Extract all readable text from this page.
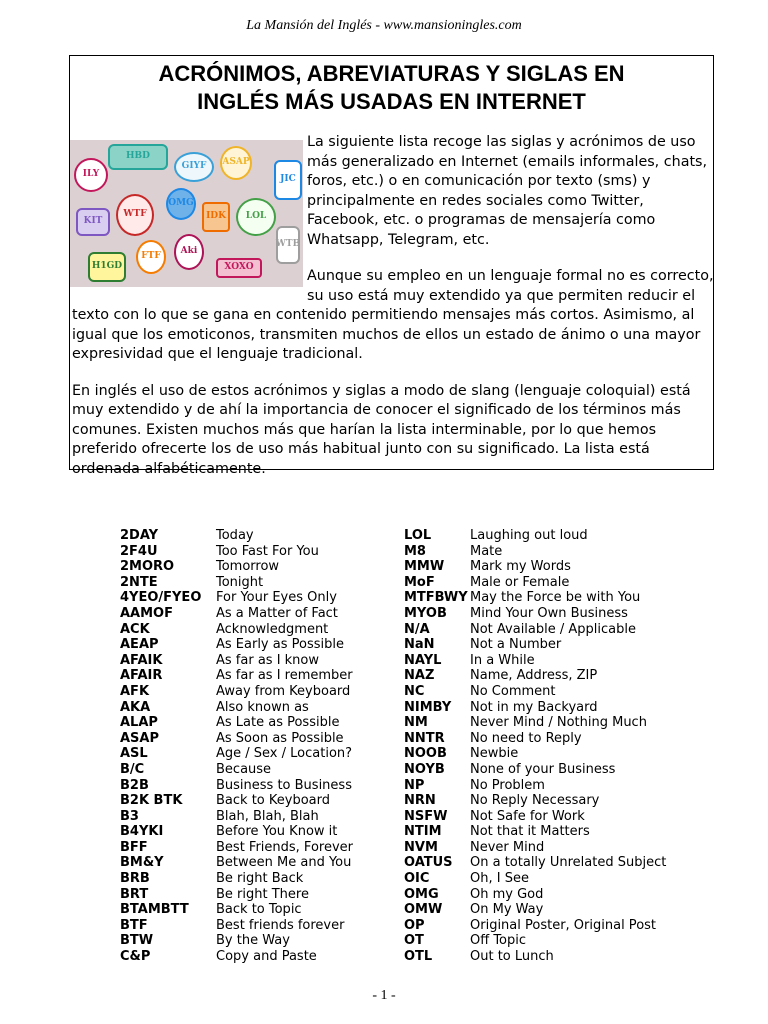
La Mansión del Inglés - www.mansioningles.com
ACRÓNIMOS, ABREVIATURAS Y SIGLAS EN
INGLÉS MÁS USADAS EN INTERNET
ILY
HBD
GIYF	ASAP
JIC
KIT
WTF
OMG
IDK	LOL
WTB
H1GD
FTF	Aki
XOXO

La siguiente lista recoge las siglas y acrónimos de uso más generalizado en Internet (emails informales, chats, foros, etc.) o en comunicación por texto (sms) y principalmente en redes sociales como Twitter, Facebook, etc. o programas de mensajería como Whatsapp, Telegram, etc.

Aunque su empleo en un lenguaje formal no es correcto, su uso está muy extendido ya que permiten reducir el texto con lo que se gana en contenido permitiendo mensajes más cortos. Asimismo, al igual que los emoticonos, transmiten muchos de ellos un estado de ánimo o una mayor expresividad que el lenguaje tradicional.

En inglés el uso de estos acrónimos y siglas a modo de slang (lenguaje coloquial) está muy extendido y de ahí la importancia de conocer el significado de los términos más comunes. Existen muchos más que harían la lista interminable, por lo que hemos preferido ofrecerte los de uso más habitual junto con su significado. La lista está ordenada alfabéticamente.

2DAY	Today
2F4U	Too Fast For You
2MORO	Tomorrow
2NTE	Tonight
4YEO/FYEO For Your Eyes Only
AAMOF	As a Matter of Fact
ACK	Acknowledgment
AEAP	As Early as Possible
AFAIK	As far as I know
AFAIR	As far as I remember
AFK	Away from Keyboard
AKA	Also known as
ALAP	As Late as Possible
ASAP	As Soon as Possible
ASL	Age / Sex / Location?
B/C	Because
B2B	Business to Business
B2K BTK	Back to Keyboard
B3	Blah, Blah, Blah
B4YKI	Before You Know it
BFF	Best Friends, Forever
BM&Y	Between Me and You
BRB	Be right Back
BRT	Be right There
BTAMBTT Back to Topic
BTF	Best friends forever
BTW	By the Way
C&P	Copy and Paste
LOL	Laughing out loud
M8	Mate
MMW Mark my Words
MoF	Male or Female
MTFBWY May the Force be with You
MYOB Mind Your Own Business
N/A	Not Available / Applicable
NaN	Not a Number
NAYL In a While
NAZ	Name, Address, ZIP
NC	No Comment
NIMBY Not in my Backyard
NM	Never Mind / Nothing Much
NNTR No need to Reply
NOOB Newbie
NOYB None of your Business
NP	No Problem
NRN	No Reply Necessary
NSFW Not Safe for Work
NTIM Not that it Matters
NVM Never Mind
OATUS On a totally Unrelated Subject
OIC	Oh, I See
OMG Oh my God
OMW On My Way
OP	Original Poster, Original Post
OT	Off Topic
OTL	Out to Lunch
- 1 -
